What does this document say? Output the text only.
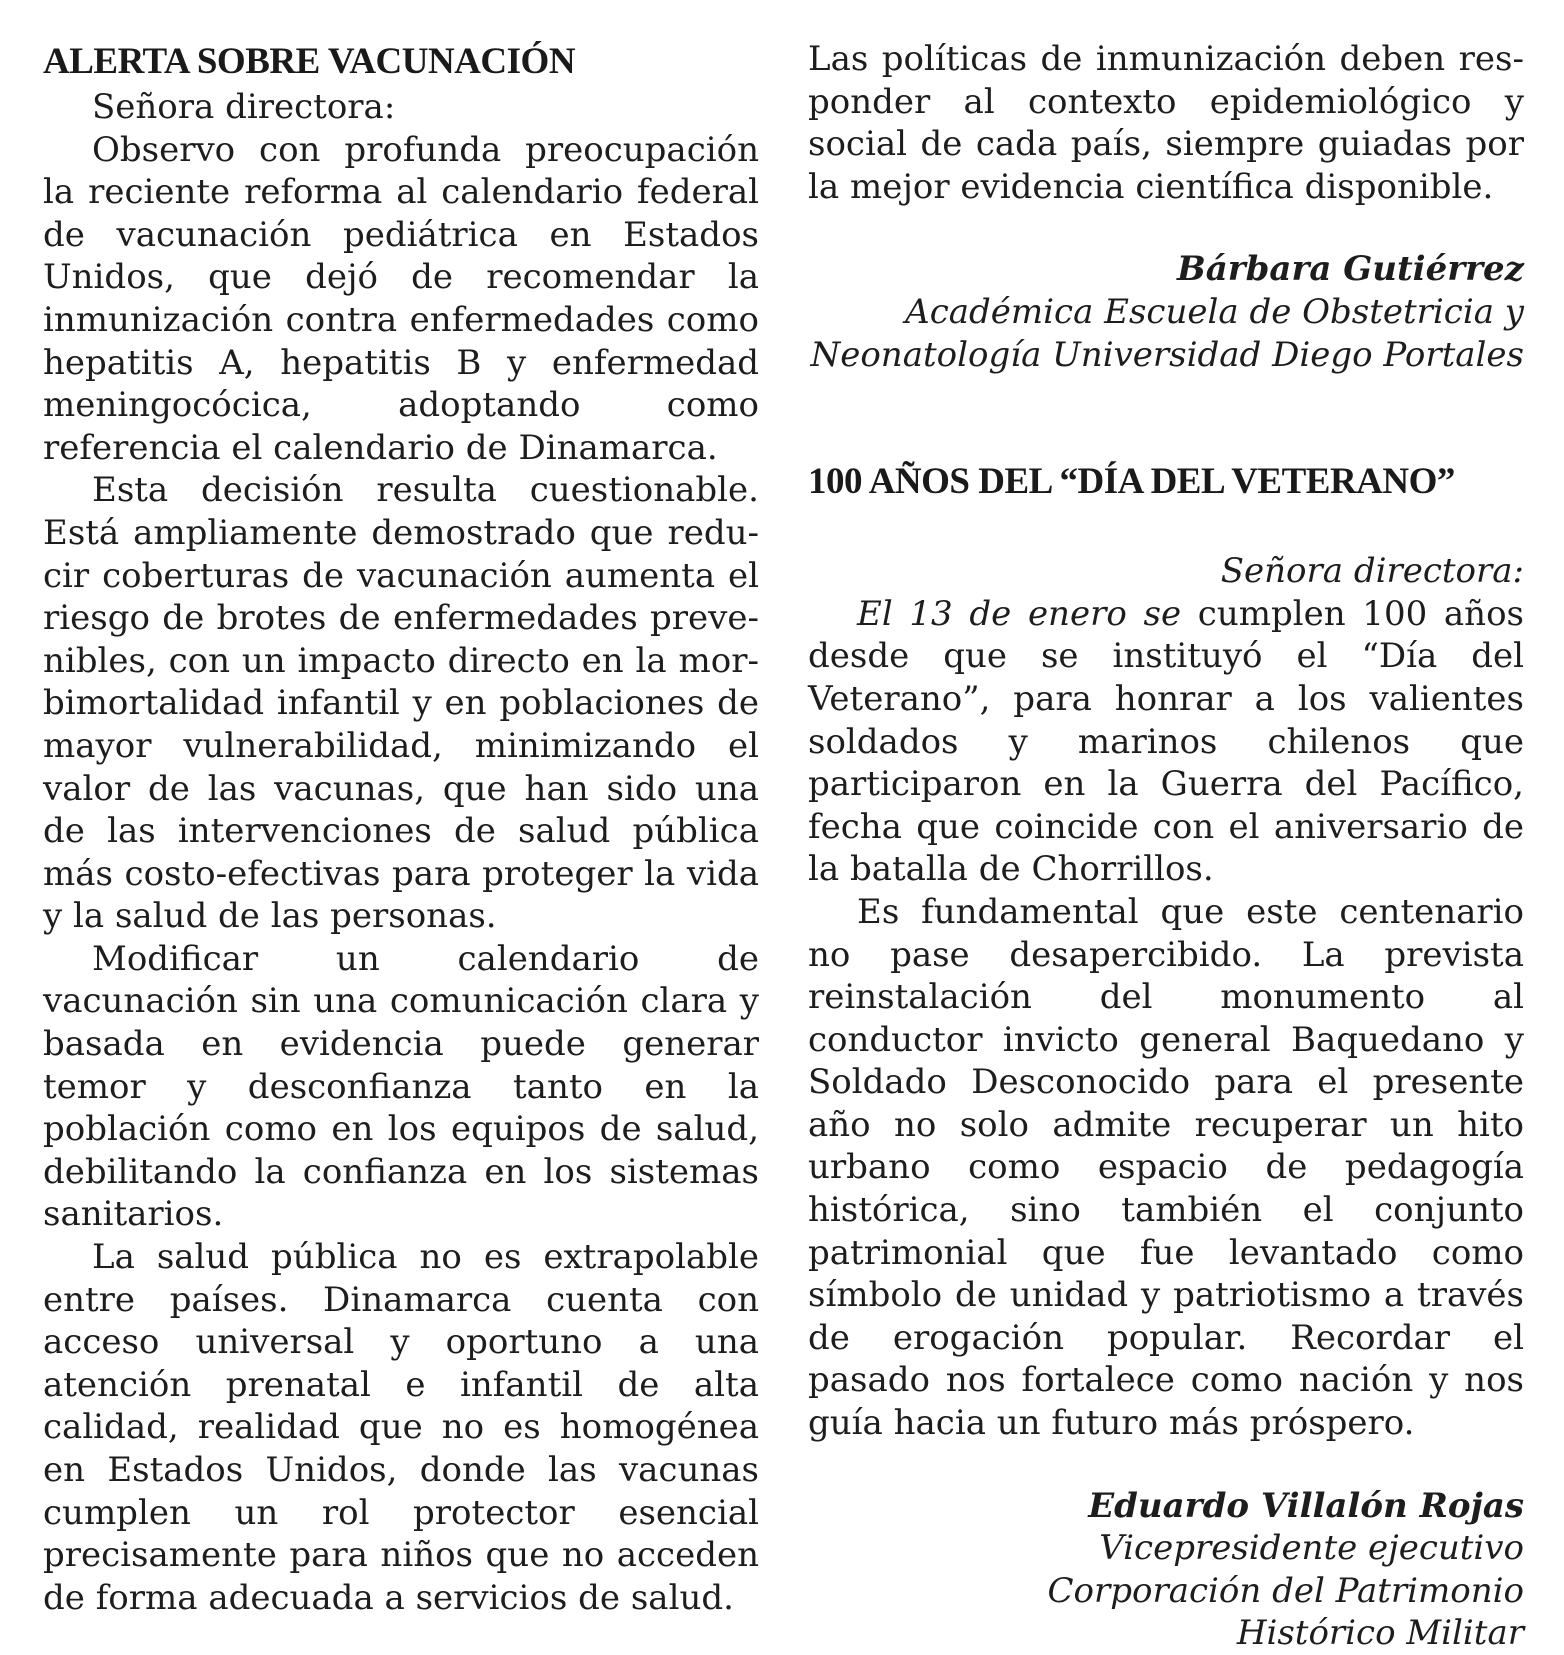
ALERTA SOBRE VACUNACIÓN

Señora directora:

Observo con profunda preocupación la reciente reforma al calendario federal de vacunación pediátrica en Estados Unidos, que dejó de recomendar la inmunización contra enfermedades como hepatitis A, hepatitis B y enfermedad meningocócica, adoptando como referencia el calendario de Dinamarca.

Esta decisión resulta cuestionable. Está ampliamente demostrado que reducir coberturas de vacunación aumenta el riesgo de brotes de enfermedades prevenibles, con un impacto directo en la morbimortalidad infantil y en poblaciones de mayor vulnerabilidad, minimizando el valor de las vacunas, que han sido una de las intervenciones de salud pública más costo-efectivas para proteger la vida y la salud de las personas.

Modificar un calendario de vacunación sin una comunicación clara y basada en evidencia puede generar temor y desconfianza tanto en la población como en los equipos de salud, debilitando la confianza en los sistemas sanitarios.

La salud pública no es extrapolable entre países. Dinamarca cuenta con acceso universal y oportuno a una atención prenatal e infantil de alta calidad, realidad que no es homogénea en Estados Unidos, donde las vacunas cumplen un rol protector esencial precisamente para niños que no acceden de forma adecuada a servicios de salud.

Las políticas de inmunización deben responder al contexto epidemiológico y social de cada país, siempre guiadas por la mejor evidencia científica disponible.

Bárbara Gutiérrez
Académica Escuela de Obstetricia y
Neonatología Universidad Diego Portales
100 AÑOS DEL “DÍA DEL VETERANO”
Señora directora:

El 13 de enero se cumplen 100 años desde que se instituyó el “Día del Veterano”, para honrar a los valientes soldados y marinos chilenos que participaron en la Guerra del Pacífico, fecha que coincide con el aniversario de la batalla de Chorrillos.

Es fundamental que este centenario no pase desapercibido. La prevista reinstalación del monumento al conductor invicto general Baquedano y Soldado Desconocido para el presente año no solo admite recuperar un hito urbano como espacio de pedagogía histórica, sino también el conjunto patrimonial que fue levantado como símbolo de unidad y patriotismo a través de erogación popular. Recordar el pasado nos fortalece como nación y nos guía hacia un futuro más próspero.

Eduardo Villalón Rojas
Vicepresidente ejecutivo
Corporación del Patrimonio
Histórico Militar
